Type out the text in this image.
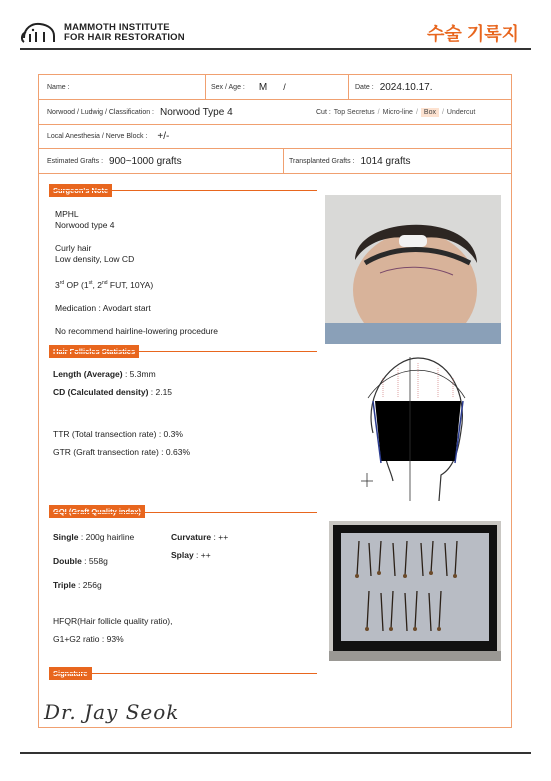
MAMMOTH INSTITUTE
FOR HAIR RESTORATION	수술 기록지
Name :	Sex / Age : M /	Date : 2024.10.17.
Norwood / Ludwig / Classification : Norwood Type 4	Cut : Top Secretus / Micro-line / Box / Undercut
Local Anesthesia / Nerve Block : +/-
Estimated Grafts : 900~1000 grafts	Transplanted Grafts : 1014 grafts
MPHL
Norwood type 4
Curly hair
Low density, Low CD
3rd OP (1st, 2nd FUT, 10YA)
Medication : Avodart start
No recommend hairline-lowering procedure
Length (Average) : 5.3mm
CD (Calculated density) : 2.15
TTR (Total transection rate) : 0.3%
GTR (Graft transection rate) : 0.63%
Single : 200g hairline	Curvature : ++
Splay : ++
Double : 558g
Triple : 256g
HFQR(Hair follicle quality ratio),
G1+G2 ratio : 93%
Dr. Jay Seok
